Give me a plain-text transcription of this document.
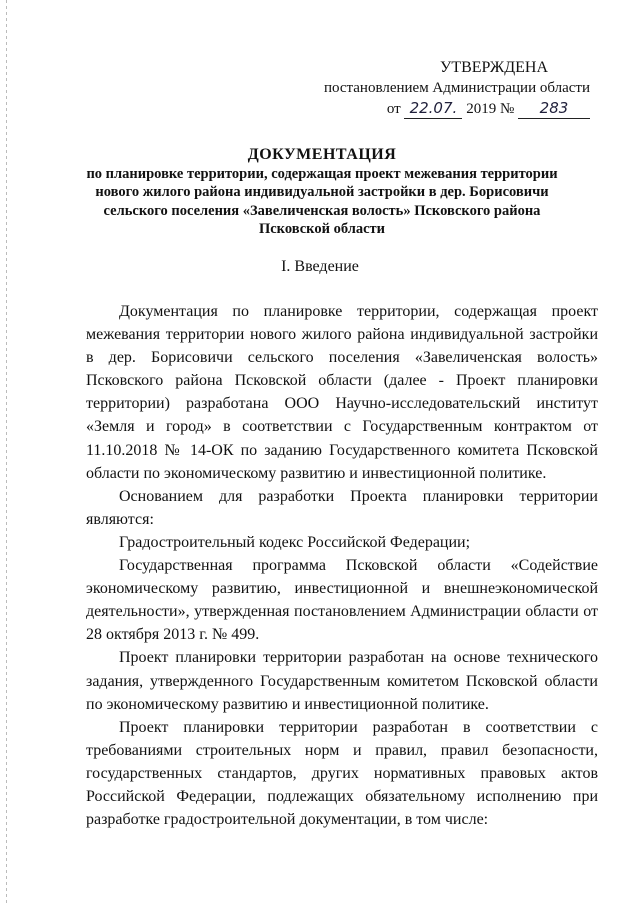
УТВЕРЖДЕНА
постановлением Администрации области
от 22.07. 2019 № 283
ДОКУМЕНТАЦИЯ
по планировке территории, содержащая проект межевания территории нового жилого района индивидуальной застройки в дер. Борисовичи сельского поселения «Завеличенская волость» Псковского района Псковской области
I. Введение

Документация по планировке территории, содержащая проект межевания территории нового жилого района индивидуальной застройки в дер. Борисовичи сельского поселения «Завеличенская волость» Псковского района Псковской области (далее - Проект планировки территории) разработана ООО Научно-исследовательский институт «Земля и город» в соответствии с Государственным контрактом от 11.10.2018 № 14-ОК по заданию Государственного комитета Псковской области по экономическому развитию и инвестиционной политике.

Основанием для разработки Проекта планировки территории являются:

Градостроительный кодекс Российской Федерации;

Государственная программа Псковской области «Содействие экономическому развитию, инвестиционной и внешнеэкономической деятельности», утвержденная постановлением Администрации области от 28 октября 2013 г. № 499.

Проект планировки территории разработан на основе технического задания, утвержденного Государственным комитетом Псковской области по экономическому развитию и инвестиционной политике.

Проект планировки территории разработан в соответствии с требованиями строительных норм и правил, правил безопасности, государственных стандартов, других нормативных правовых актов Российской Федерации, подлежащих обязательному исполнению при разработке градостроительной документации, в том числе:
